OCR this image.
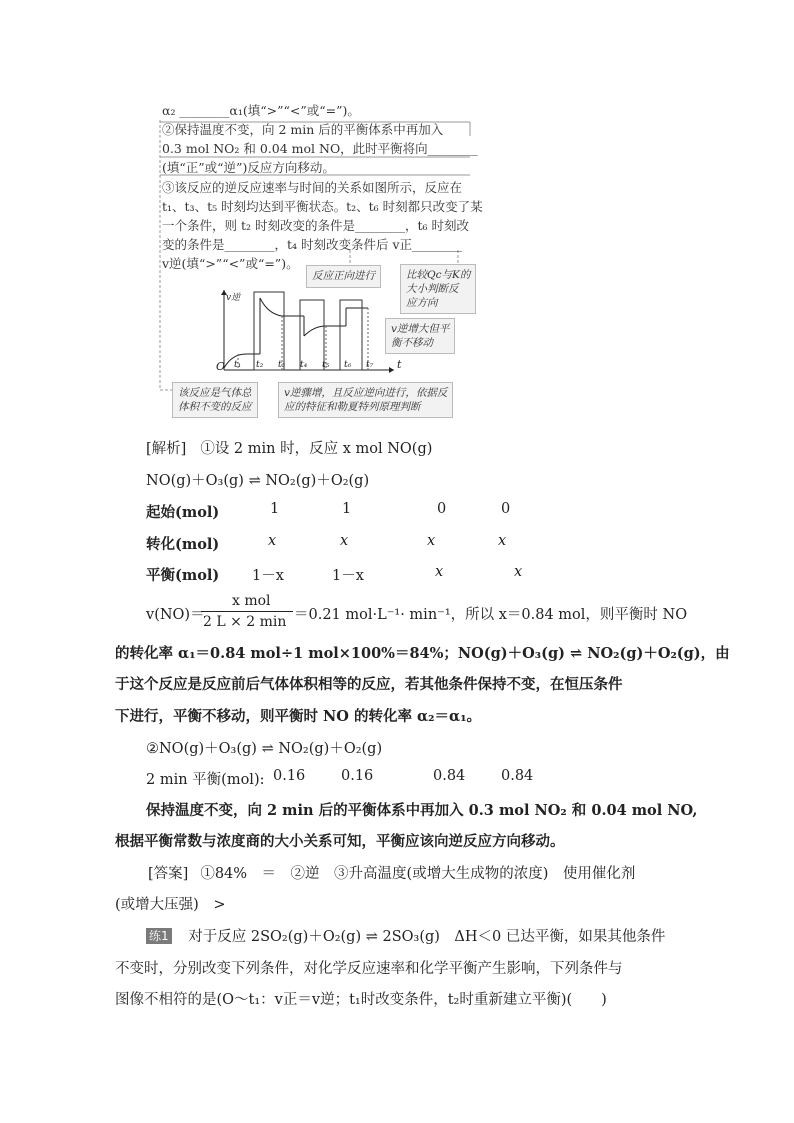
α₂ ________α₁(填“>”“<”或“=”)。
②保持温度不变，向 2 min 后的平衡体系中再加入
0.3 mol NO₂ 和 0.04 mol NO，此时平衡将向________
(填“正”或“逆”)反应方向移动。
③该反应的逆反应速率与时间的关系如图所示，反应在
t₁、t₃、t₅ 时刻均达到平衡状态。t₂、t₆ 时刻都只改变了某
一个条件，则 t₂ 时刻改变的条件是________，t₆ 时刻改
变的条件是________，t₄ 时刻改变条件后 v正________
v逆(填“>”“<”或“=”)。
反应正向进行	比较Qc与K的
大小判断反
应方向
v逆增大但平
衡不移动
该反应是气体总
体积不变的反应
v逆骤增，且反应逆向进行，依据反
应的特征和勒夏特列原理判断
v逆
O	t
t₁ t₂ t₃ t₄ t₅ t₆ t₇
[解析] ①设 2 min 时，反应 x mol NO(g)
NO(g)＋O₃(g) ⇌ NO₂(g)＋O₂(g)
起始(mol)	1	1	0	0
转化(mol)	x	x	x	x
平衡(mol) 1－x	1－x	x	x
v(NO)＝
x mol
2 L × 2 min ＝0.21 mol·L⁻¹· min⁻¹，所以 x＝0.84 mol，则平衡时 NO
的转化率 α₁＝0.84 mol÷1 mol×100%＝84%；NO(g)＋O₃(g) ⇌ NO₂(g)＋O₂(g)，由
于这个反应是反应前后气体体积相等的反应，若其他条件保持不变，在恒压条件
下进行，平衡不移动，则平衡时 NO 的转化率 α₂＝α₁。
②NO(g)＋O₃(g) ⇌ NO₂(g)＋O₂(g)
2 min 平衡(mol): 0.16 0.16	0.84 0.84
保持温度不变，向 2 min 后的平衡体系中再加入 0.3 mol NO₂ 和 0.04 mol NO,
根据平衡常数与浓度商的大小关系可知，平衡应该向逆反应方向移动。
[答案] ①84%　＝　②逆　③升高温度(或增大生成物的浓度)　使用催化剂
(或增大压强)　>
练1 对于反应 2SO₂(g)＋O₂(g) ⇌ 2SO₃(g)　ΔH＜0 已达平衡，如果其他条件
不变时，分别改变下列条件，对化学反应速率和化学平衡产生影响，下列条件与
图像不相符的是(O～t₁：v正＝v逆；t₁时改变条件，t₂时重新建立平衡)(　　)
